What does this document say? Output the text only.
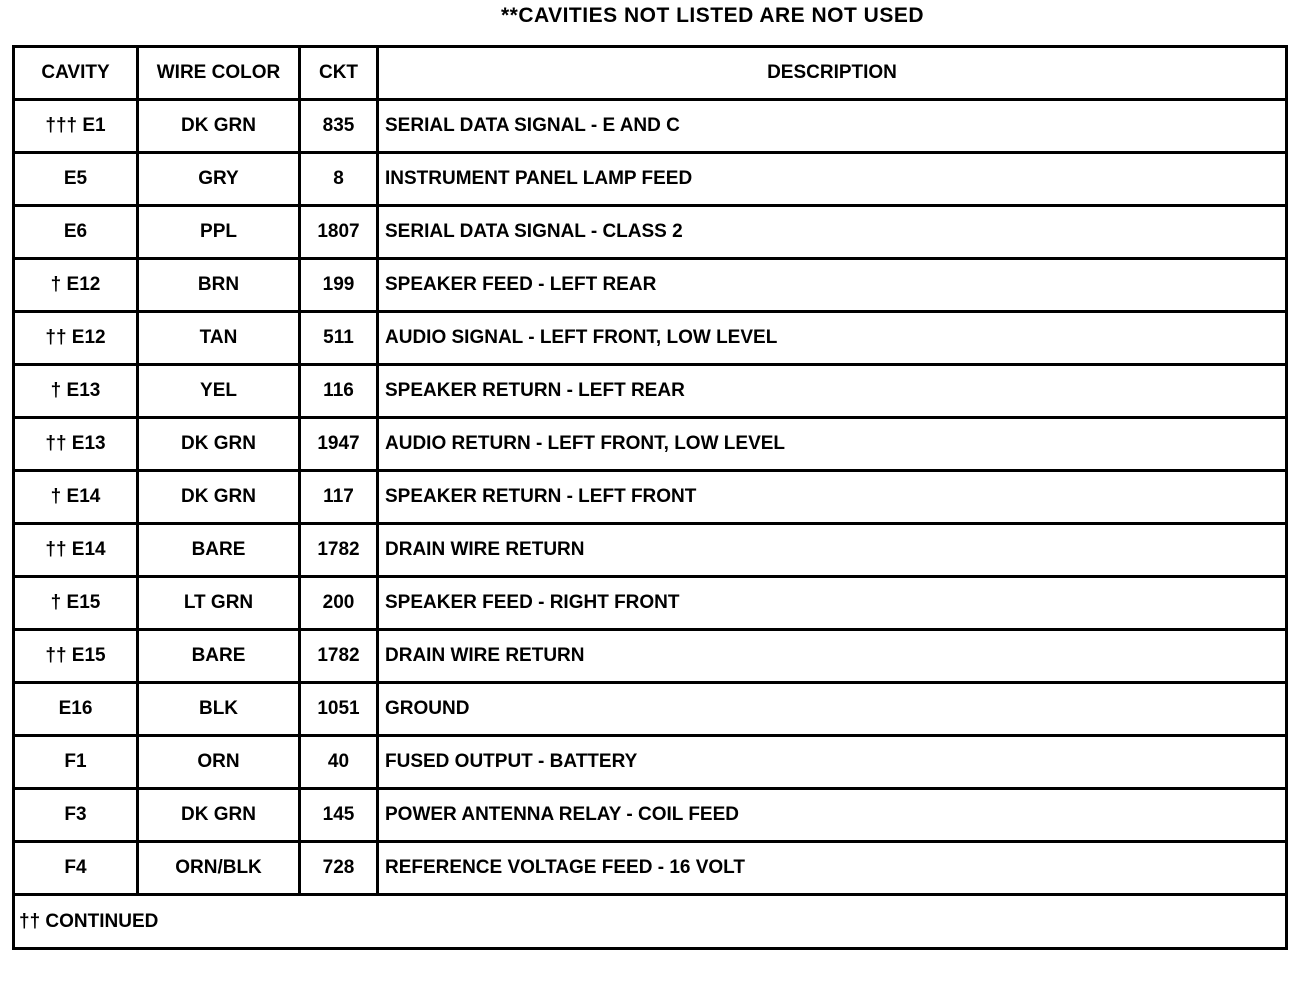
**CAVITIES NOT LISTED ARE NOT USED
CAVITY	WIRE COLOR	CKT	DESCRIPTION
††† E1	DK GRN	835	SERIAL DATA SIGNAL - E AND C
E5	GRY	8	INSTRUMENT PANEL LAMP FEED
E6	PPL	1807	SERIAL DATA SIGNAL - CLASS 2
† E12	BRN	199	SPEAKER FEED - LEFT REAR
†† E12	TAN	511	AUDIO SIGNAL - LEFT FRONT, LOW LEVEL
† E13	YEL	116	SPEAKER RETURN - LEFT REAR
†† E13	DK GRN	1947	AUDIO RETURN - LEFT FRONT, LOW LEVEL
† E14	DK GRN	117	SPEAKER RETURN - LEFT FRONT
†† E14	BARE	1782	DRAIN WIRE RETURN
† E15	LT GRN	200	SPEAKER FEED - RIGHT FRONT
†† E15	BARE	1782	DRAIN WIRE RETURN
E16	BLK	1051	GROUND
F1	ORN	40	FUSED OUTPUT - BATTERY
F3	DK GRN	145	POWER ANTENNA RELAY - COIL FEED
F4	ORN/BLK	728	REFERENCE VOLTAGE FEED - 16 VOLT
†† CONTINUED			
